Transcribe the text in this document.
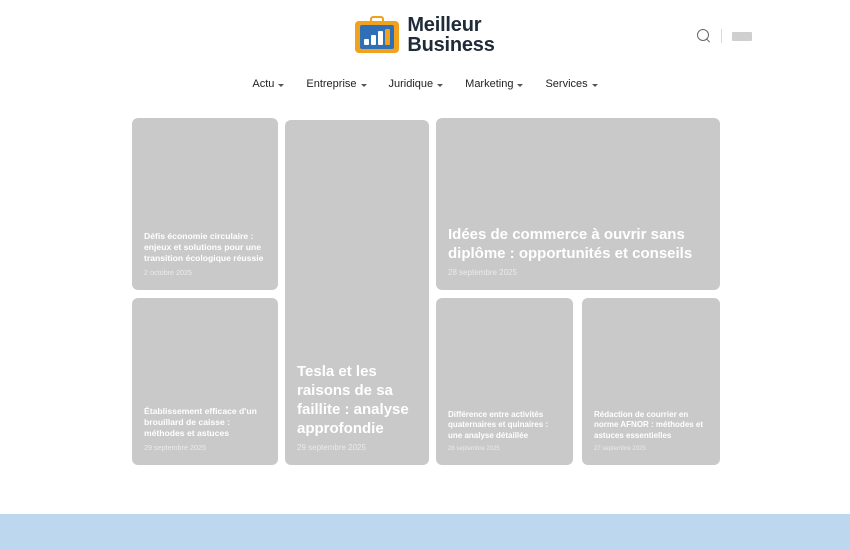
Meilleur
Business
Actu	Entreprise	Juridique	Marketing	Services
Défis économie circulaire : enjeux et solutions pour une transition écologique réussie
2 octobre 2025
Tesla et les raisons de sa faillite : analyse approfondie
29 septembre 2025
Idées de commerce à ouvrir sans diplôme : opportunités et conseils
28 septembre 2025
Établissement efficace d'un brouillard de caisse : méthodes et astuces
29 septembre 2025
Différence entre activités quaternaires et quinaires : une analyse détaillée
28 septembre 2025
Rédaction de courrier en norme AFNOR : méthodes et astuces essentielles
27 septembre 2025
